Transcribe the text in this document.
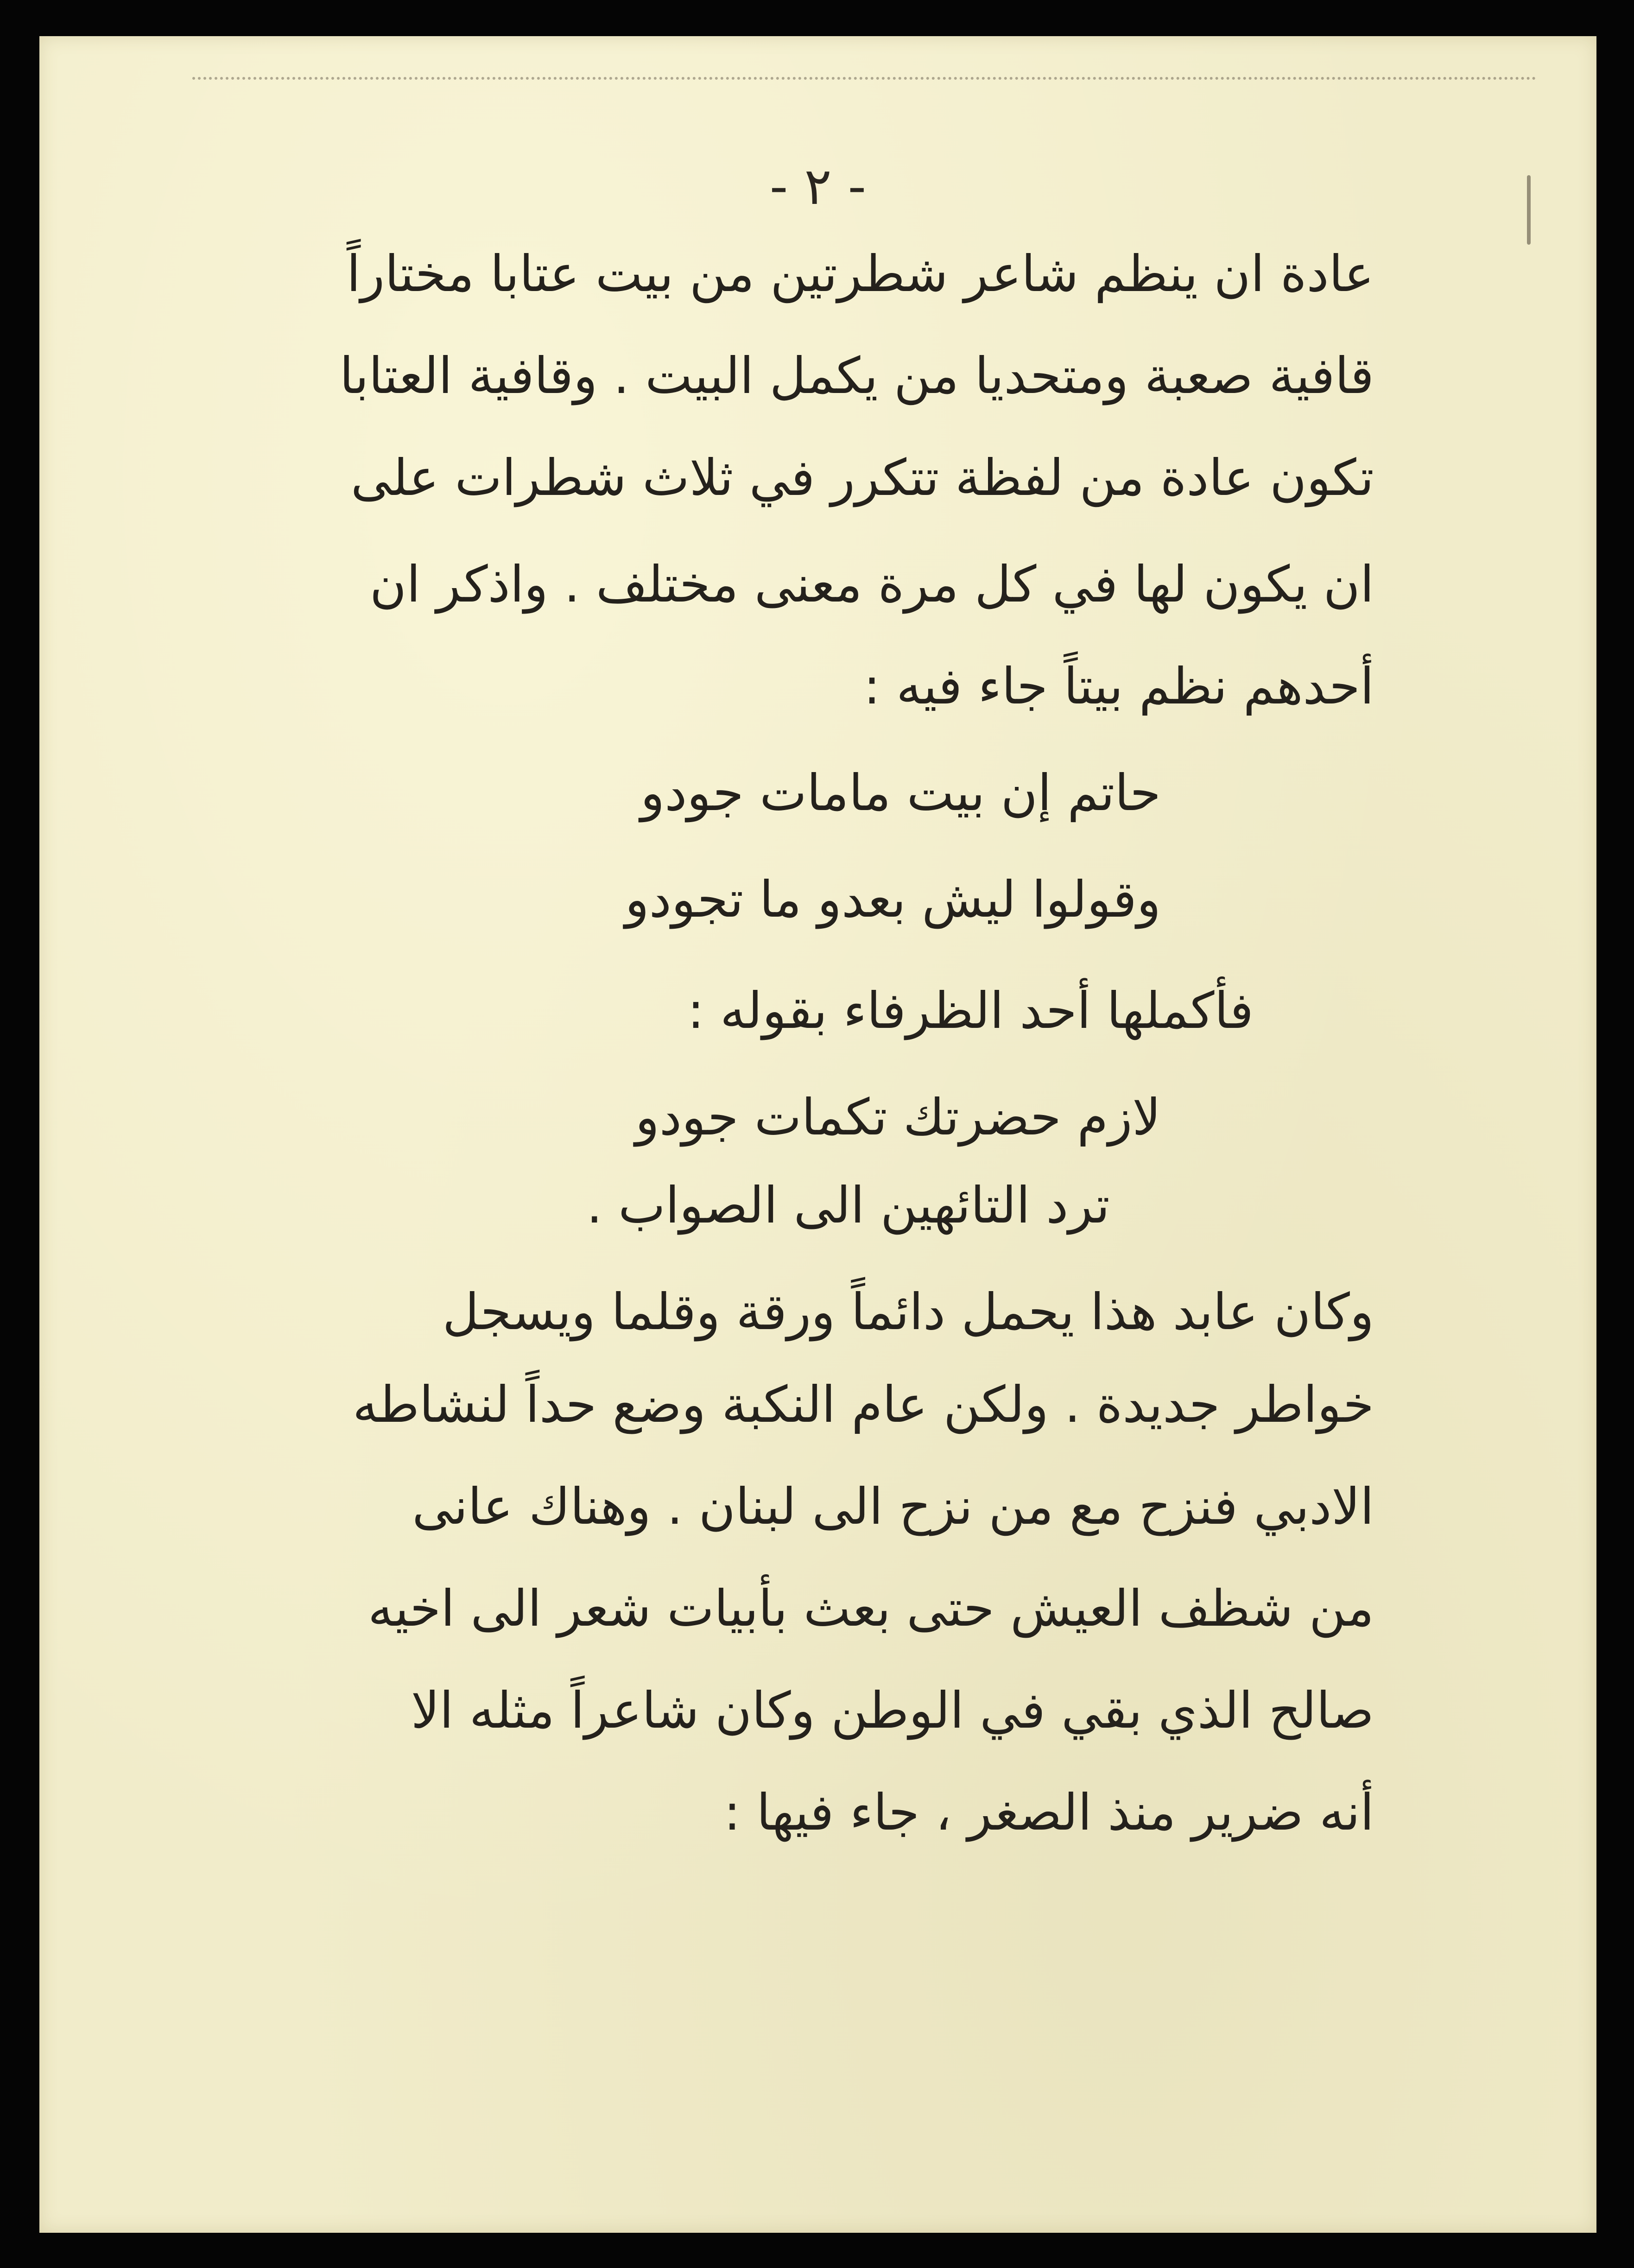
- ٢ -
عادة ان ينظم شاعر شطرتين من بيت عتابا مختاراً
قافية صعبة ومتحديا من يكمل البيت . وقافية العتابا
تكون عادة من لفظة تتكرر في ثلاث شطرات على
ان يكون لها في كل مرة معنى مختلف . واذكر ان
أحدهم نظم بيتاً جاء فيه :
حاتم إن بيت مامات جودو
وقولوا ليش بعدو ما تجودو
فأكملها أحد الظرفاء بقوله :
لازم حضرتك تكمات جودو
ترد التائهين الى الصواب .
وكان عابد هذا يحمل دائماً ورقة وقلما ويسجل
خواطر جديدة . ولكن عام النكبة وضع حداً لنشاطه
الادبي فنزح مع من نزح الى لبنان . وهناك عانى
من شظف العيش حتى بعث بأبيات شعر الى اخيه
صالح الذي بقي في الوطن وكان شاعراً مثله الا
أنه ضرير منذ الصغر ، جاء فيها :
